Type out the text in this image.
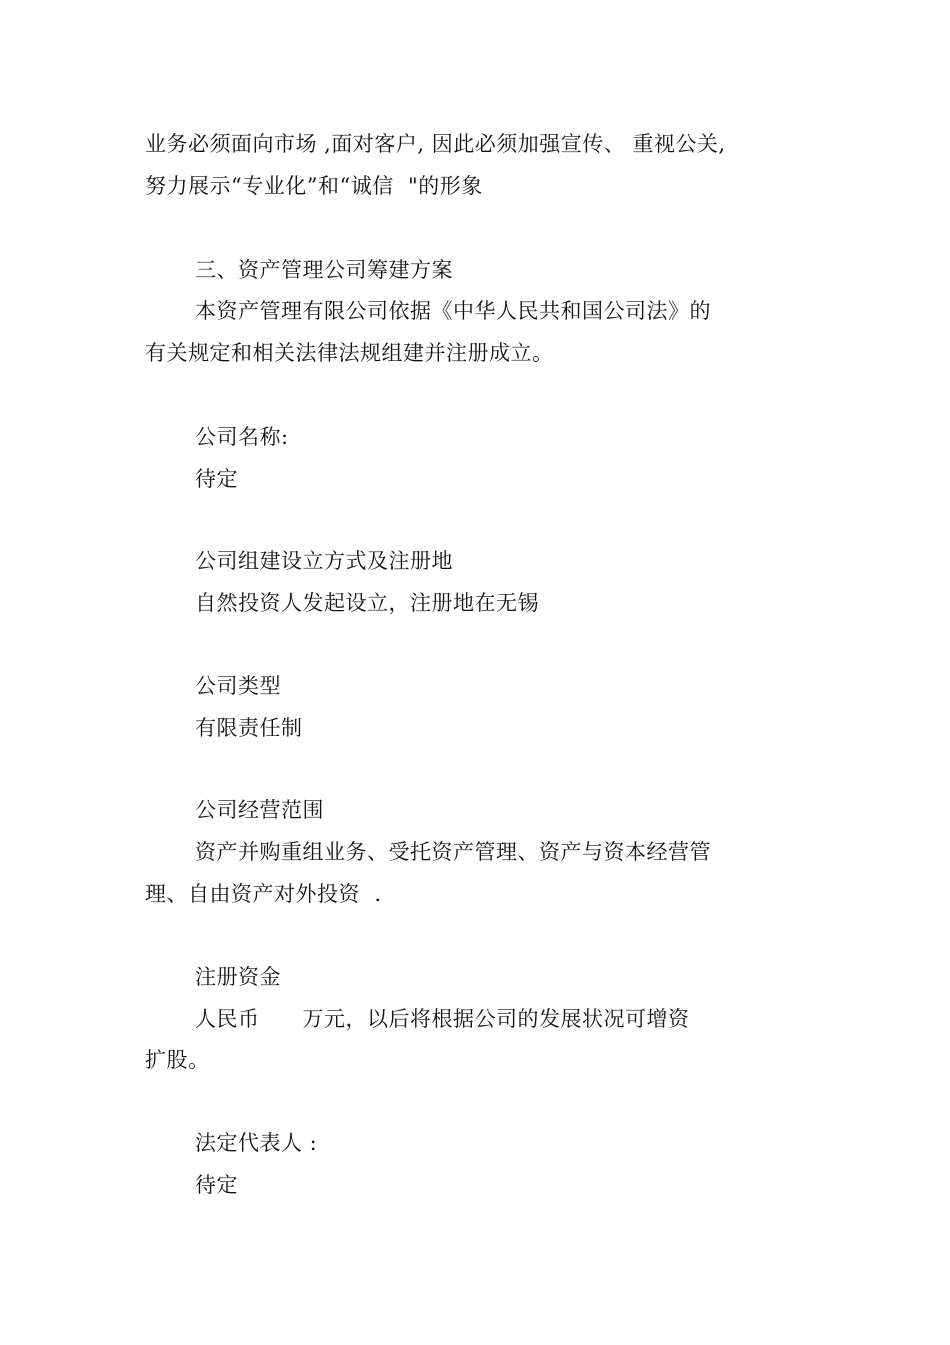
业务必须面向市场 ,面对客户, 因此必须加强宣传、 重视公关,
努力展示“专业化”和“诚信  "的形象
三、资产管理公司筹建方案
本资产管理有限公司依据《中华人民共和国公司法》的
有关规定和相关法律法规组建并注册成立。
公司名称:
待定
公司组建设立方式及注册地
自然投资人发起设立，注册地在无锡
公司类型
有限责任制
公司经营范围
资产并购重组业务、受托资产管理、资产与资本经营管
理、自由资产对外投资  .
注册资金
人民币      万元，以后将根据公司的发展状况可增资
扩股。
法定代表人 :
待定
